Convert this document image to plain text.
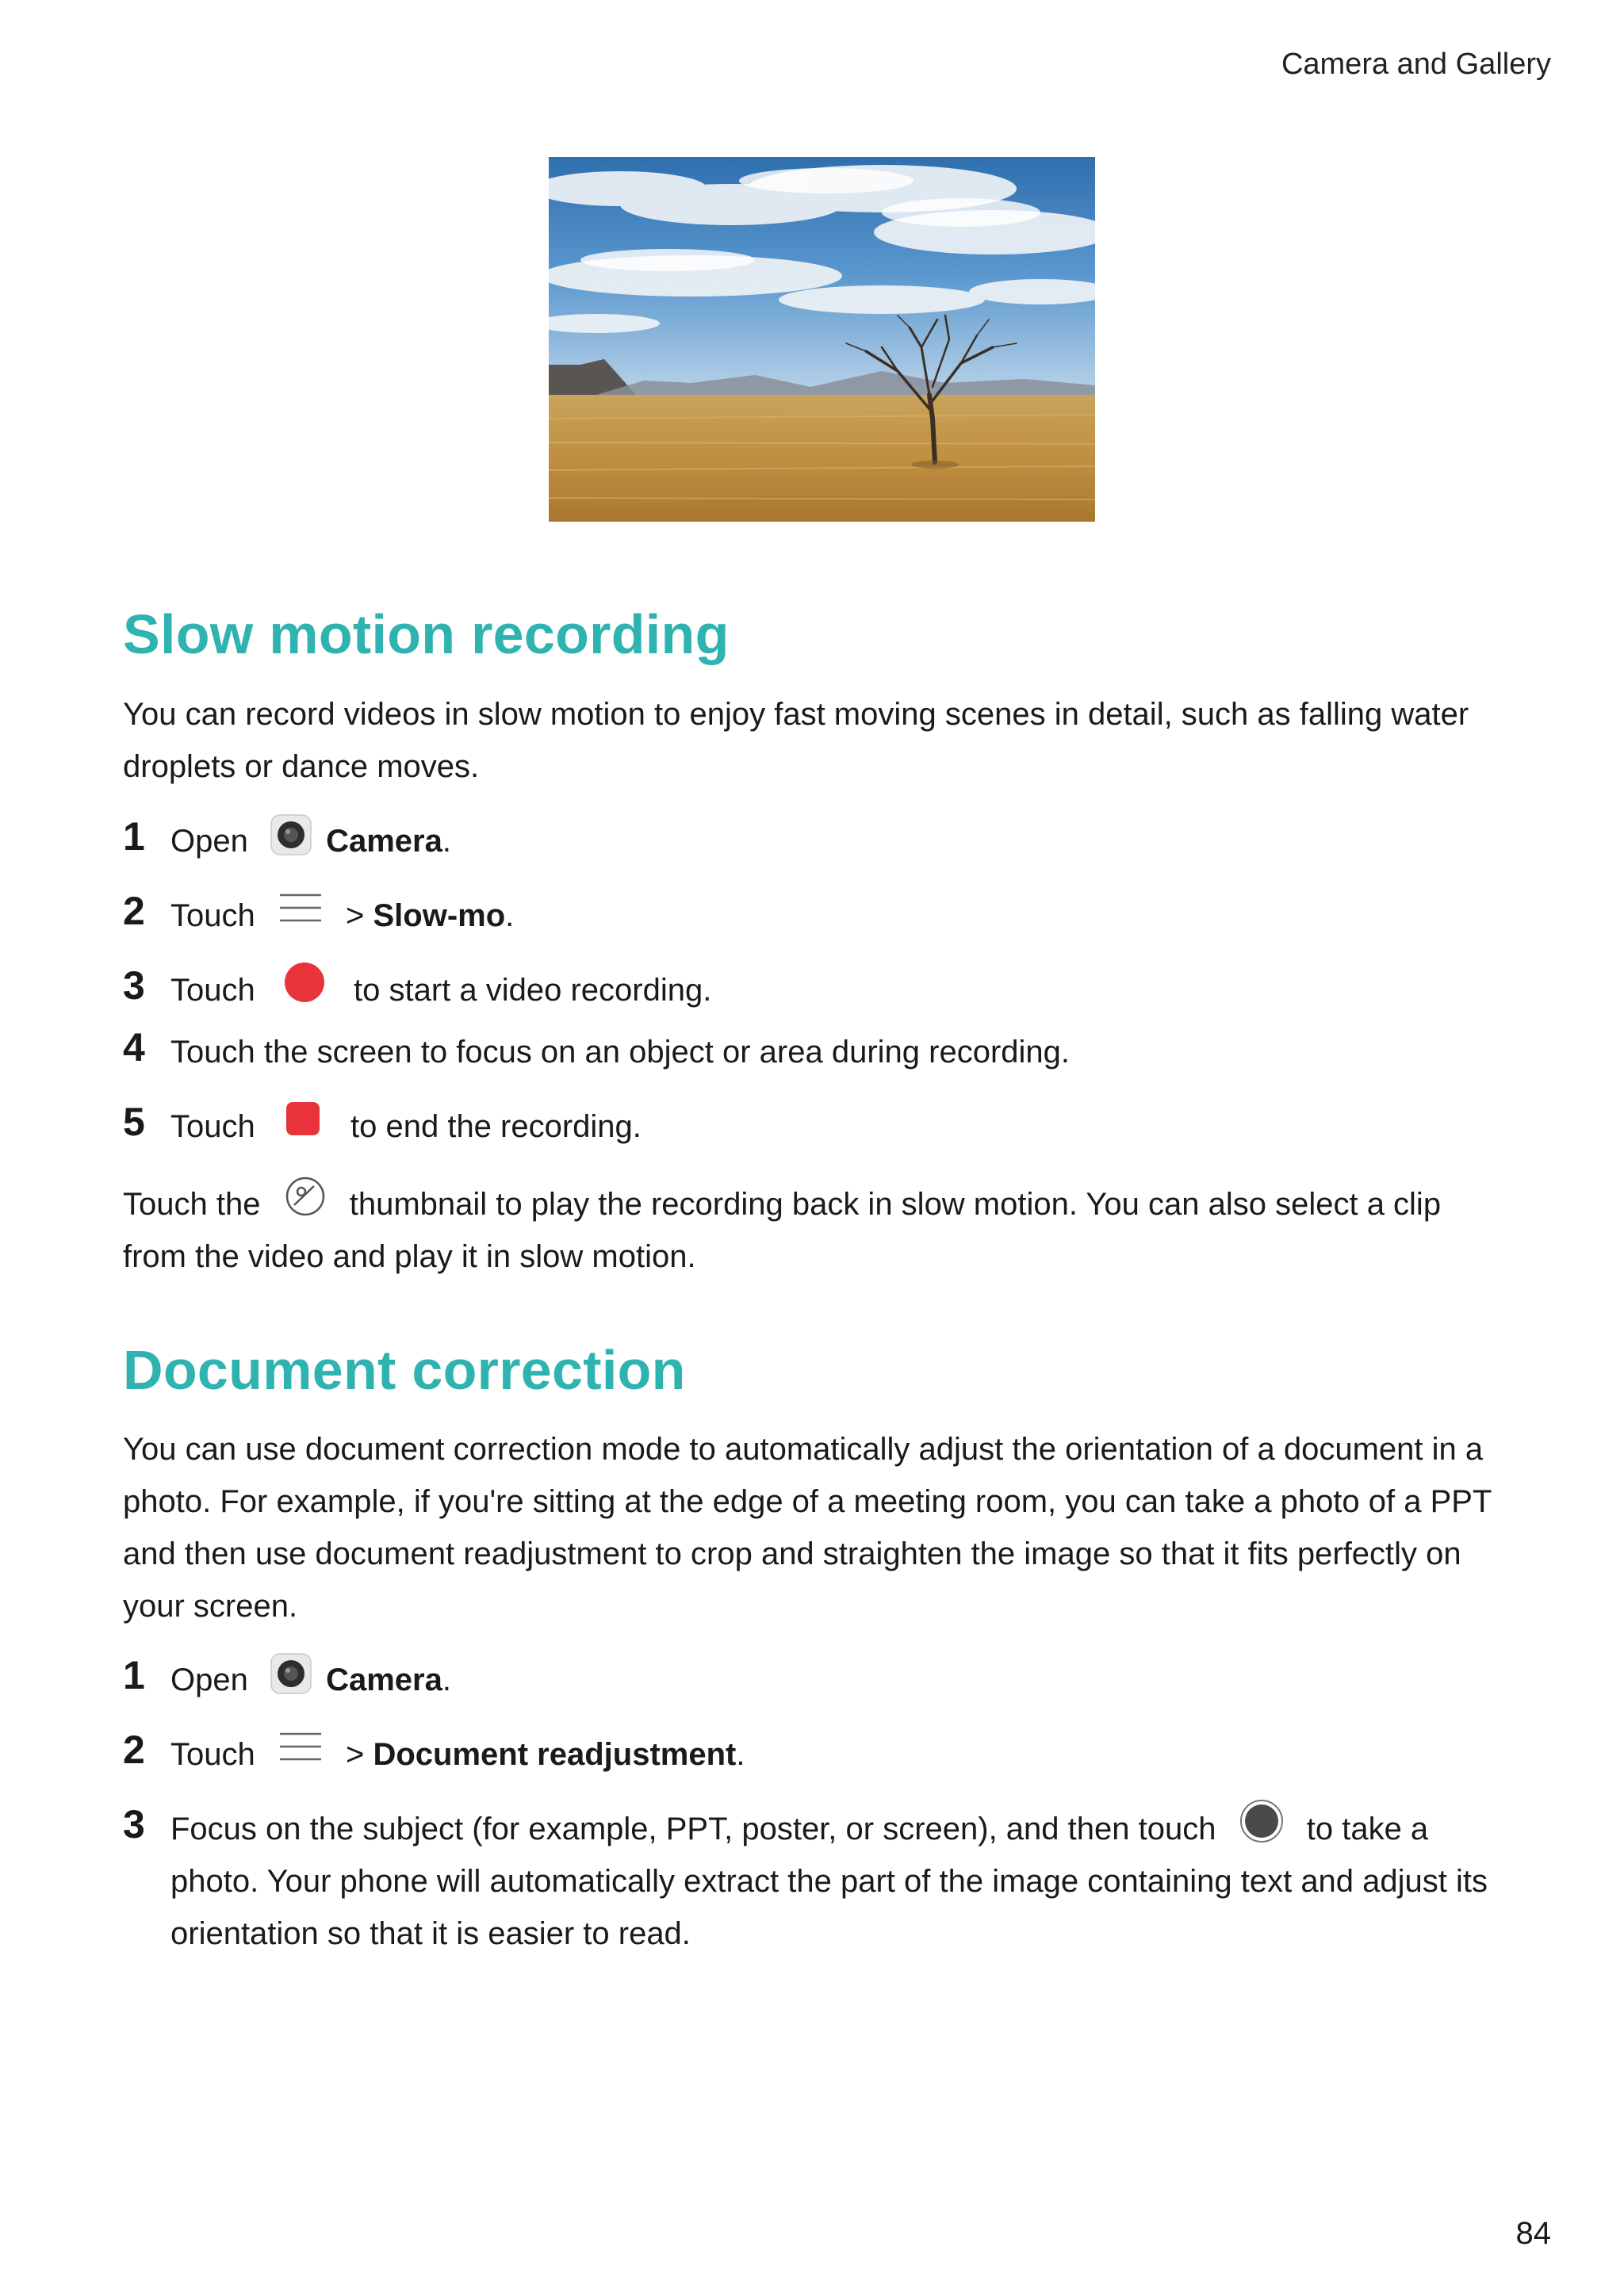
Camera and Gallery
Slow motion recording

You can record videos in slow motion to enjoy fast moving scenes in detail, such as falling water droplets or dance moves.

1 Open Camera.
2 Touch	> Slow-mo.
3 Touch	to start a video recording.
4 Touch the screen to focus on an object or area during recording.
5 Touch	to end the recording.
Touch the	thumbnail to play the recording back in slow motion. You can also select a clip
from the video and play it in slow motion.
Document correction

You can use document correction mode to automatically adjust the orientation of a document in a photo. For example, if you're sitting at the edge of a meeting room, you can take a photo of a PPT and then use document readjustment to crop and straighten the image so that it fits perfectly on your screen.

1 Open Camera.
2 Touch	> Document readjustment.
3 Focus on the subject (for example, PPT, poster, or screen), and then touch	to take a photo. Your phone will automatically extract the part of the image containing text and adjust its orientation so that it is easier to read.
84
